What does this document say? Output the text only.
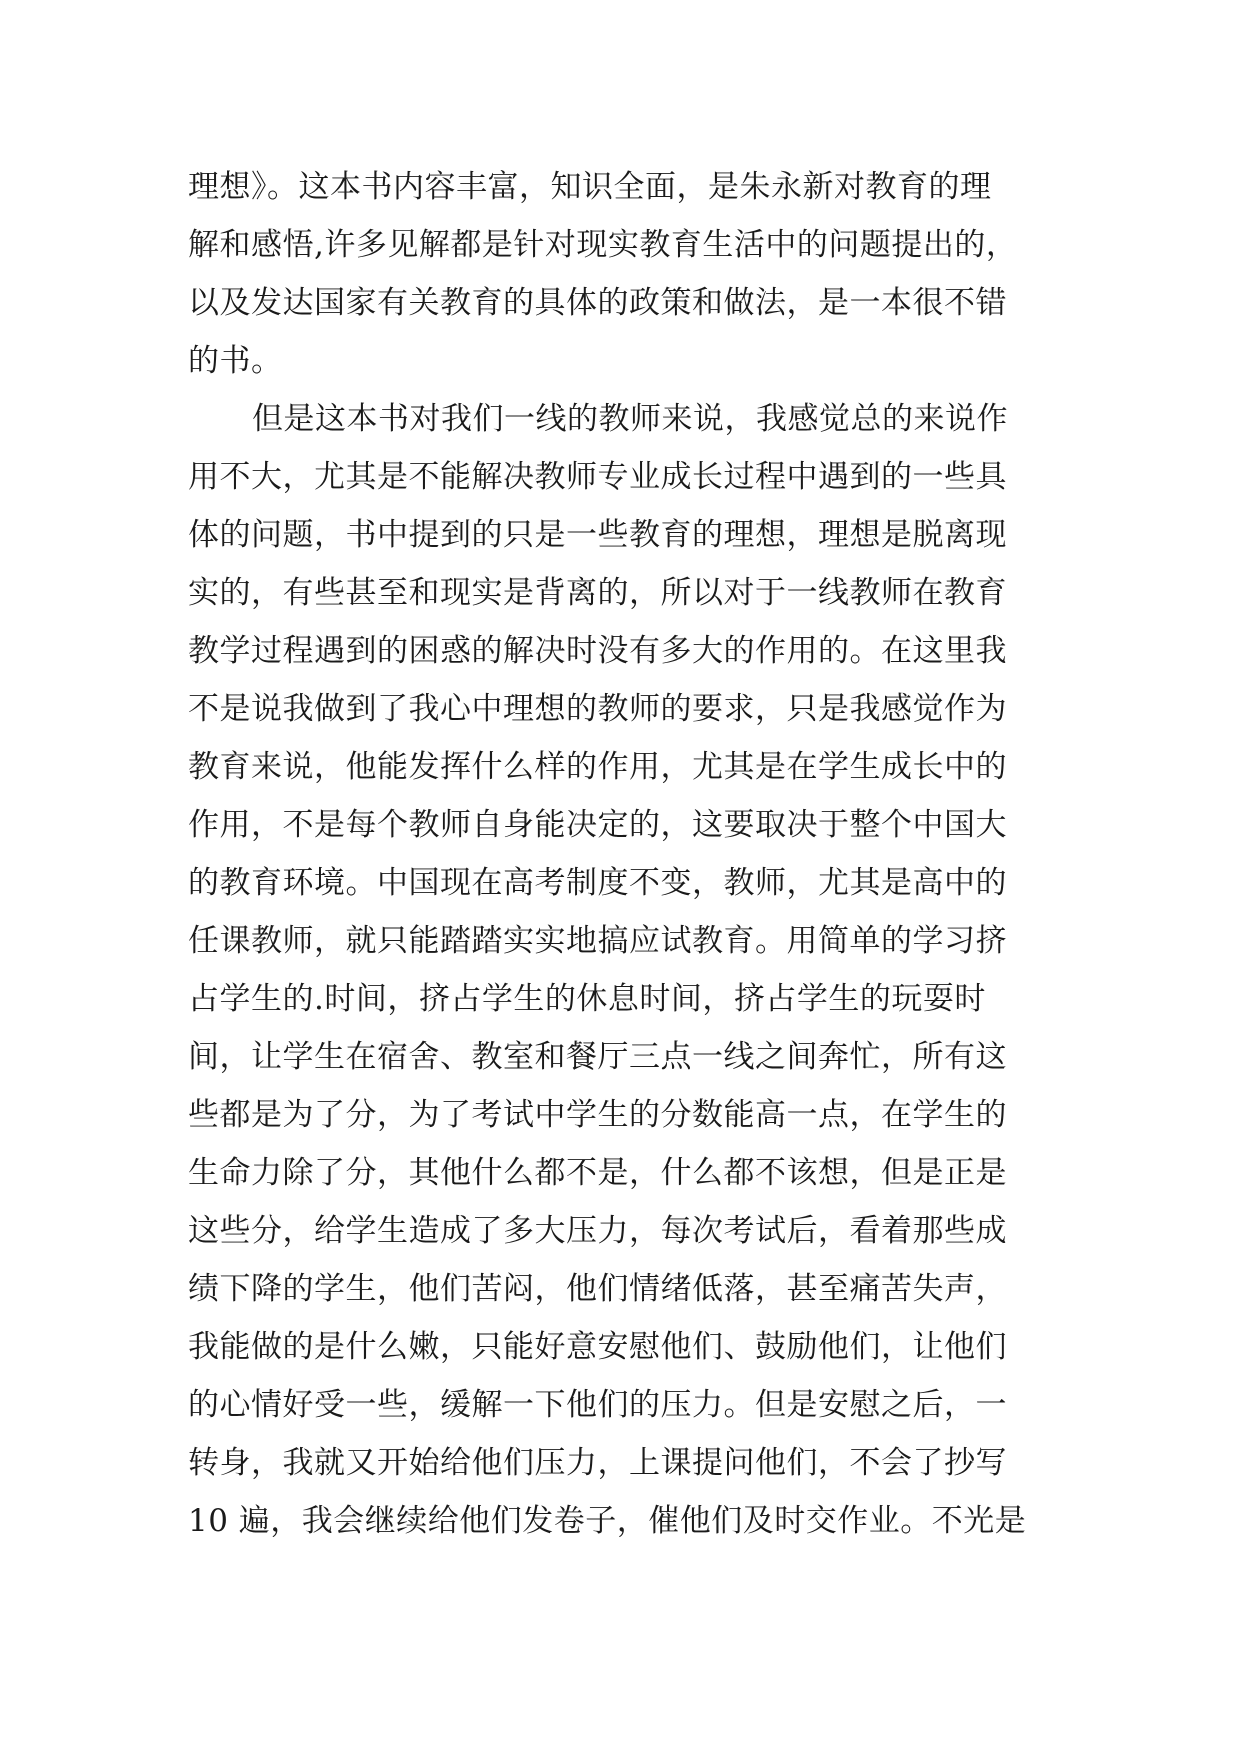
理想》。这本书内容丰富，知识全面，是朱永新对教育的理
解和感悟,许多见解都是针对现实教育生活中的问题提出的，
以及发达国家有关教育的具体的政策和做法，是一本很不错
的书。
但是这本书对我们一线的教师来说，我感觉总的来说作
用不大，尤其是不能解决教师专业成长过程中遇到的一些具
体的问题，书中提到的只是一些教育的理想，理想是脱离现
实的，有些甚至和现实是背离的，所以对于一线教师在教育
教学过程遇到的困惑的解决时没有多大的作用的。在这里我
不是说我做到了我心中理想的教师的要求，只是我感觉作为
教育来说，他能发挥什么样的作用，尤其是在学生成长中的
作用，不是每个教师自身能决定的，这要取决于整个中国大
的教育环境。中国现在高考制度不变，教师，尤其是高中的
任课教师，就只能踏踏实实地搞应试教育。用简单的学习挤
占学生的.时间，挤占学生的休息时间，挤占学生的玩耍时
间，让学生在宿舍、教室和餐厅三点一线之间奔忙，所有这
些都是为了分，为了考试中学生的分数能高一点，在学生的
生命力除了分，其他什么都不是，什么都不该想，但是正是
这些分，给学生造成了多大压力，每次考试后，看着那些成
绩下降的学生，他们苦闷，他们情绪低落，甚至痛苦失声，
我能做的是什么嫩，只能好意安慰他们、鼓励他们，让他们
的心情好受一些，缓解一下他们的压力。但是安慰之后，一
转身，我就又开始给他们压力，上课提问他们，不会了抄写
10 遍，我会继续给他们发卷子，催他们及时交作业。不光是
